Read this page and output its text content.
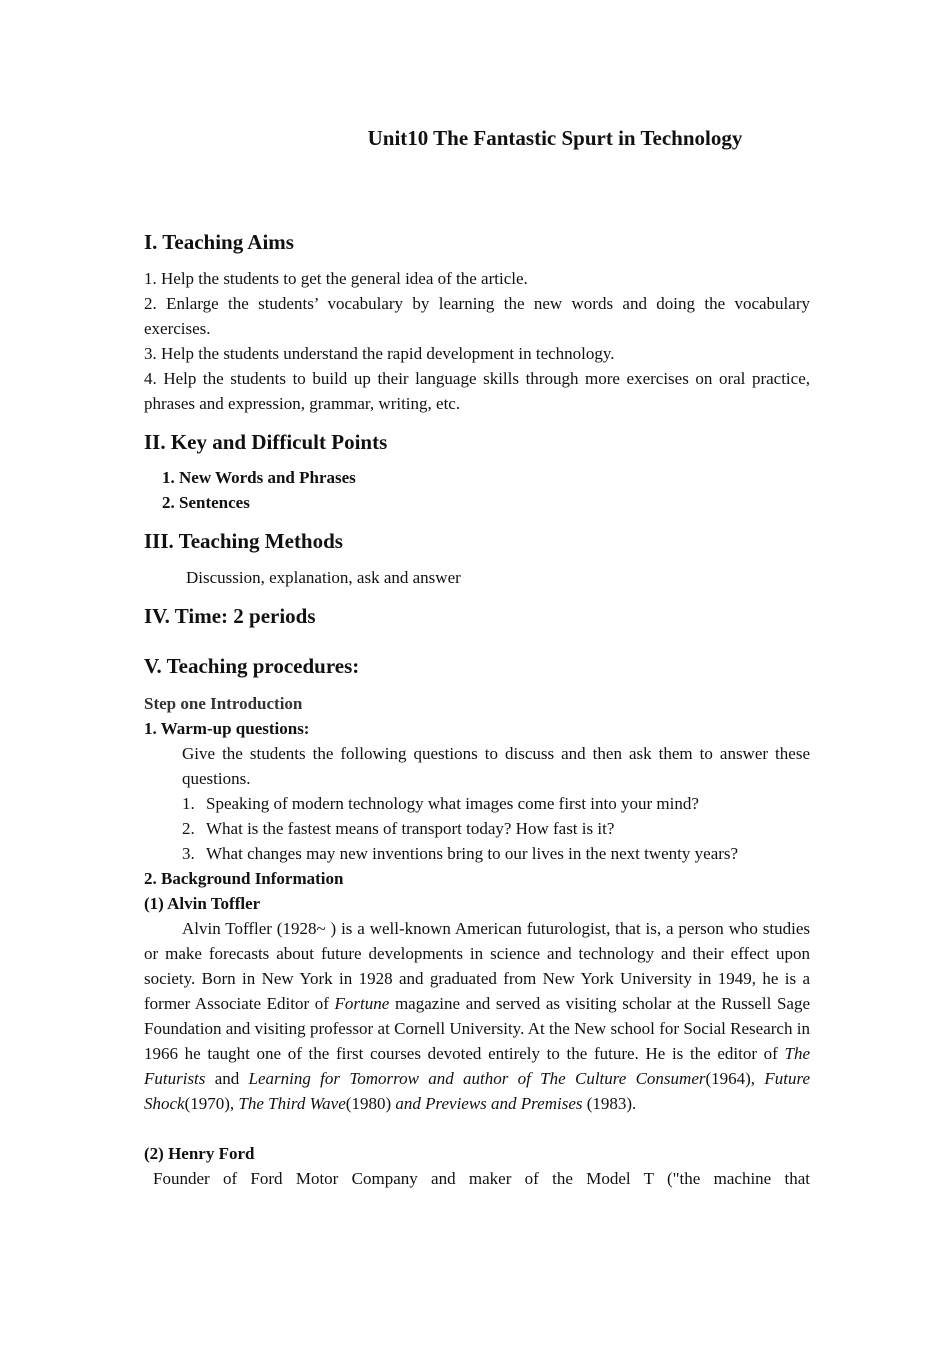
Unit10 The Fantastic Spurt in Technology
I. Teaching Aims
1. Help the students to get the general idea of the article.
2. Enlarge the students’ vocabulary by learning the new words and doing the vocabulary exercises.
3. Help the students understand the rapid development in technology.
4. Help the students to build up their language skills through more exercises on oral practice, phrases and expression, grammar, writing, etc.
II. Key and Difficult Points
1. New Words and Phrases
2. Sentences
III. Teaching Methods
Discussion, explanation, ask and answer
IV. Time: 2 periods
V. Teaching procedures:
Step one Introduction
1. Warm-up questions:
Give the students the following questions to discuss and then ask them to answer these questions.
1. Speaking of modern technology what images come first into your mind?
2. What is the fastest means of transport today? How fast is it?
3. What changes may new inventions bring to our lives in the next twenty years?
2. Background Information
(1) Alvin Toffler
Alvin Toffler (1928~ ) is a well-known American futurologist, that is, a person who studies or make forecasts about future developments in science and technology and their effect upon society. Born in New York in 1928 and graduated from New York University in 1949, he is a former Associate Editor of Fortune magazine and served as visiting scholar at the Russell Sage Foundation and visiting professor at Cornell University. At the New school for Social Research in 1966 he taught one of the first courses devoted entirely to the future. He is the editor of The Futurists and Learning for Tomorrow and author of The Culture Consumer(1964), Future Shock(1970), The Third Wave(1980) and Previews and Premises (1983).
(2) Henry Ford
Founder of Ford Motor Company and maker of the Model T ("the machine that
